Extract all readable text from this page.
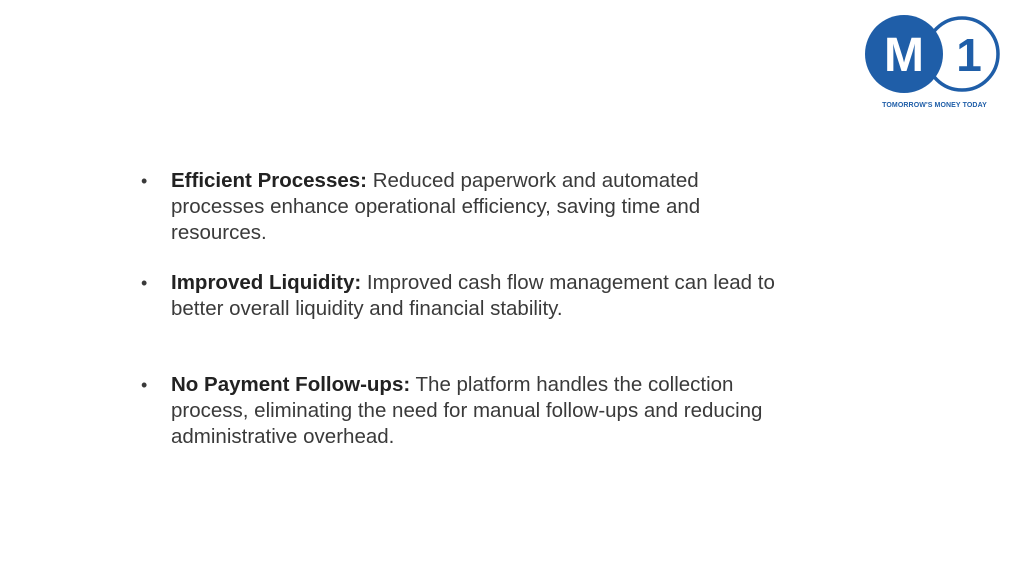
M 1
TOMORROW'S MONEY TODAY
• Efficient Processes: Reduced paperwork and automated processes enhance operational efficiency, saving time and resources.
• Improved Liquidity: Improved cash flow management can lead to better overall liquidity and financial stability.
• No Payment Follow-ups: The platform handles the collection process, eliminating the need for manual follow-ups and reducing administrative overhead.
